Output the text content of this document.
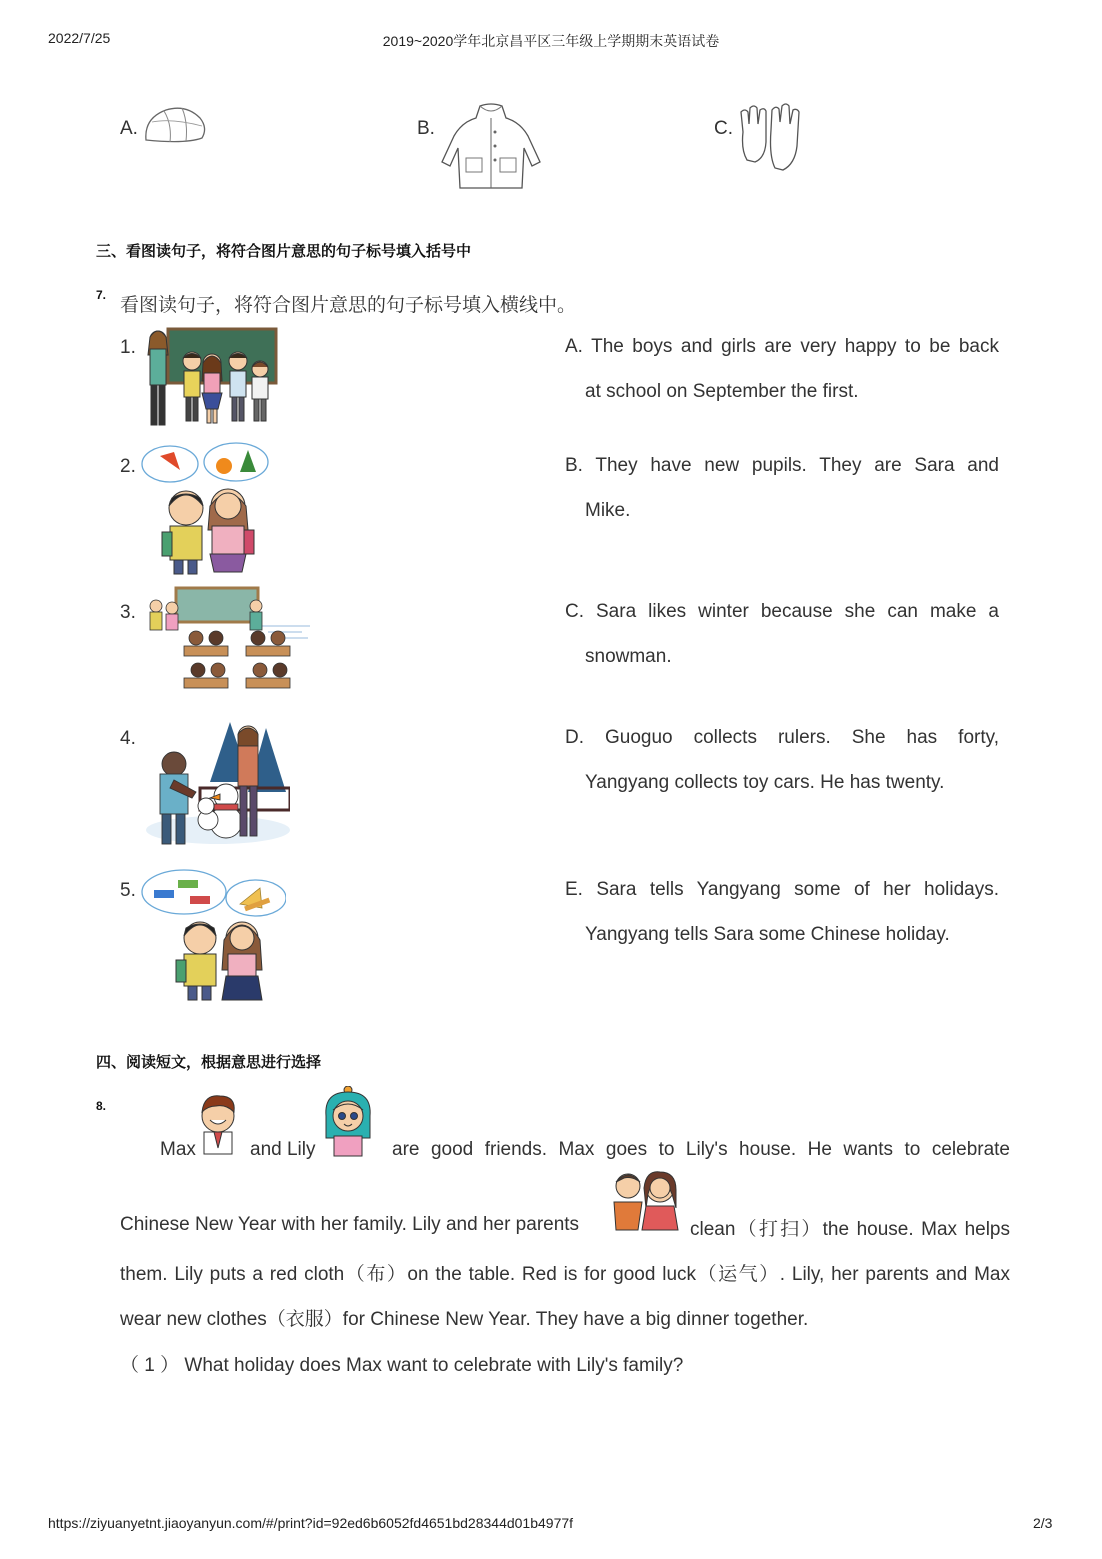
2022/7/25	2019~2020学年北京昌平区三年级上学期期末英语试卷
A.	B.	C.
三、看图读句子，将符合图片意思的句子标号填入括号中
7. 看图读句子，将符合图片意思的句子标号填入横线中。
1.
2.
3.
4.
5.
A. The boys and girls are very happy to be back
at school on September the first.
B. They have new pupils. They are Sara and
Mike.
C. Sara likes winter because she can make a
snowman.
D. Guoguo collects rulers. She has forty,
Yangyang collects toy cars. He has twenty.
E. Sara tells Yangyang some of her holidays.
Yangyang tells Sara some Chinese holiday.
四、阅读短文，根据意思进行选择
8.
Max	and Lily	are good friends. Max goes to Lily's house. He wants to celebrate
Chinese New Year with her family. Lily and her parents	clean（打扫）the house. Max helps
them. Lily puts a red cloth（布）on the table. Red is for good luck（运气）. Lily, her parents and Max
wear new clothes（衣服）for Chinese New Year. They have a big dinner together.
（ 1 ） What holiday does Max want to celebrate with Lily's family?
https://ziyuanyetnt.jiaoyanyun.com/#/print?id=92ed6b6052fd4651bd28344d01b4977f	2/3
